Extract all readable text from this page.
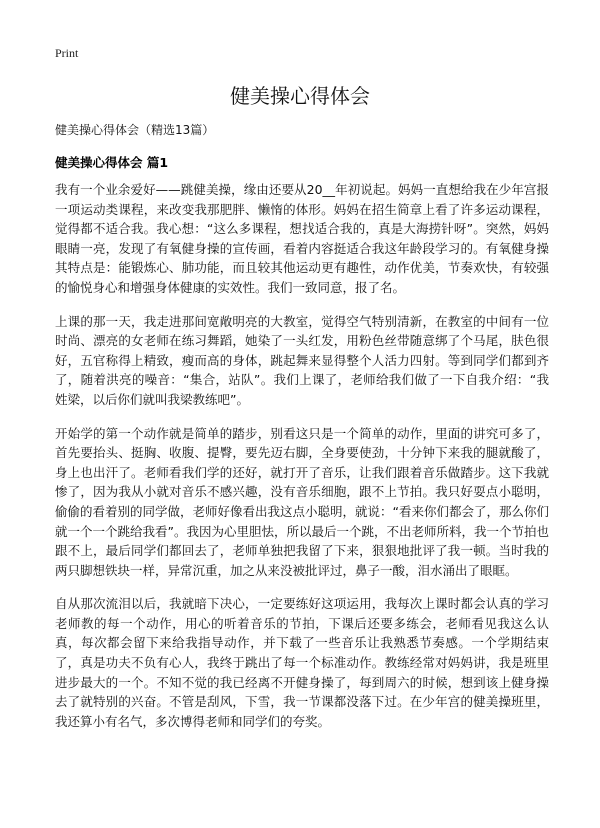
Print
健美操心得体会
健美操心得体会（精选13篇）
健美操心得体会 篇1

我有一个业余爱好——跳健美操，缘由还要从20__年初说起。妈妈一直想给我在少年宫报一项运动类课程，来改变我那肥胖、懒惰的体形。妈妈在招生简章上看了许多运动课程，觉得都不适合我。我心想：“这么多课程，想找适合我的，真是大海捞针呀”。突然，妈妈眼睛一亮，发现了有氧健身操的宣传画，看着内容挺适合我这年龄段学习的。有氧健身操其特点是：能锻炼心、肺功能，而且较其他运动更有趣性，动作优美，节奏欢快，有较强的愉悦身心和增强身体健康的实效性。我们一致同意，报了名。

上课的那一天，我走进那间宽敞明亮的大教室，觉得空气特别清新，在教室的中间有一位时尚、漂亮的女老师在练习舞蹈，她染了一头红发，用粉色丝带随意绑了个马尾，肤色很好，五官称得上精致，瘦而高的身体，跳起舞来显得整个人活力四射。等到同学们都到齐了，随着洪亮的噪音：“集合，站队”。我们上课了，老师给我们做了一下自我介绍：“我姓梁，以后你们就叫我梁教练吧”。

开始学的第一个动作就是简单的踏步，别看这只是一个简单的动作，里面的讲究可多了，首先要抬头、挺胸、收腹、提臀，要先迈右脚，全身要使劲，十分钟下来我的腿就酸了，身上也出汗了。老师看我们学的还好，就打开了音乐，让我们跟着音乐做踏步。这下我就惨了，因为我从小就对音乐不感兴趣，没有音乐细胞，跟不上节拍。我只好耍点小聪明，偷偷的看着别的同学做，老师好像看出我这点小聪明，就说：“看来你们都会了，那么你们就一个一个跳给我看”。我因为心里胆怯，所以最后一个跳，不出老师所料，我一个节拍也跟不上，最后同学们都回去了，老师单独把我留了下来，狠狠地批评了我一顿。当时我的两只脚想铁块一样，异常沉重，加之从来没被批评过，鼻子一酸，泪水涌出了眼眶。

自从那次流泪以后，我就暗下决心，一定要练好这项运用，我每次上课时都会认真的学习老师教的每一个动作，用心的听着音乐的节拍，下课后还要多练会，老师看见我这么认真，每次都会留下来给我指导动作，并下载了一些音乐让我熟悉节奏感。一个学期结束了，真是功夫不负有心人，我终于跳出了每一个标准动作。教练经常对妈妈讲，我是班里进步最大的一个。不知不觉的我已经离不开健身操了，每到周六的时候，想到该上健身操去了就特别的兴奋。不管是刮风，下雪，我一节课都没落下过。在少年宫的健美操班里，我还算小有名气，多次博得老师和同学们的夸奖。
